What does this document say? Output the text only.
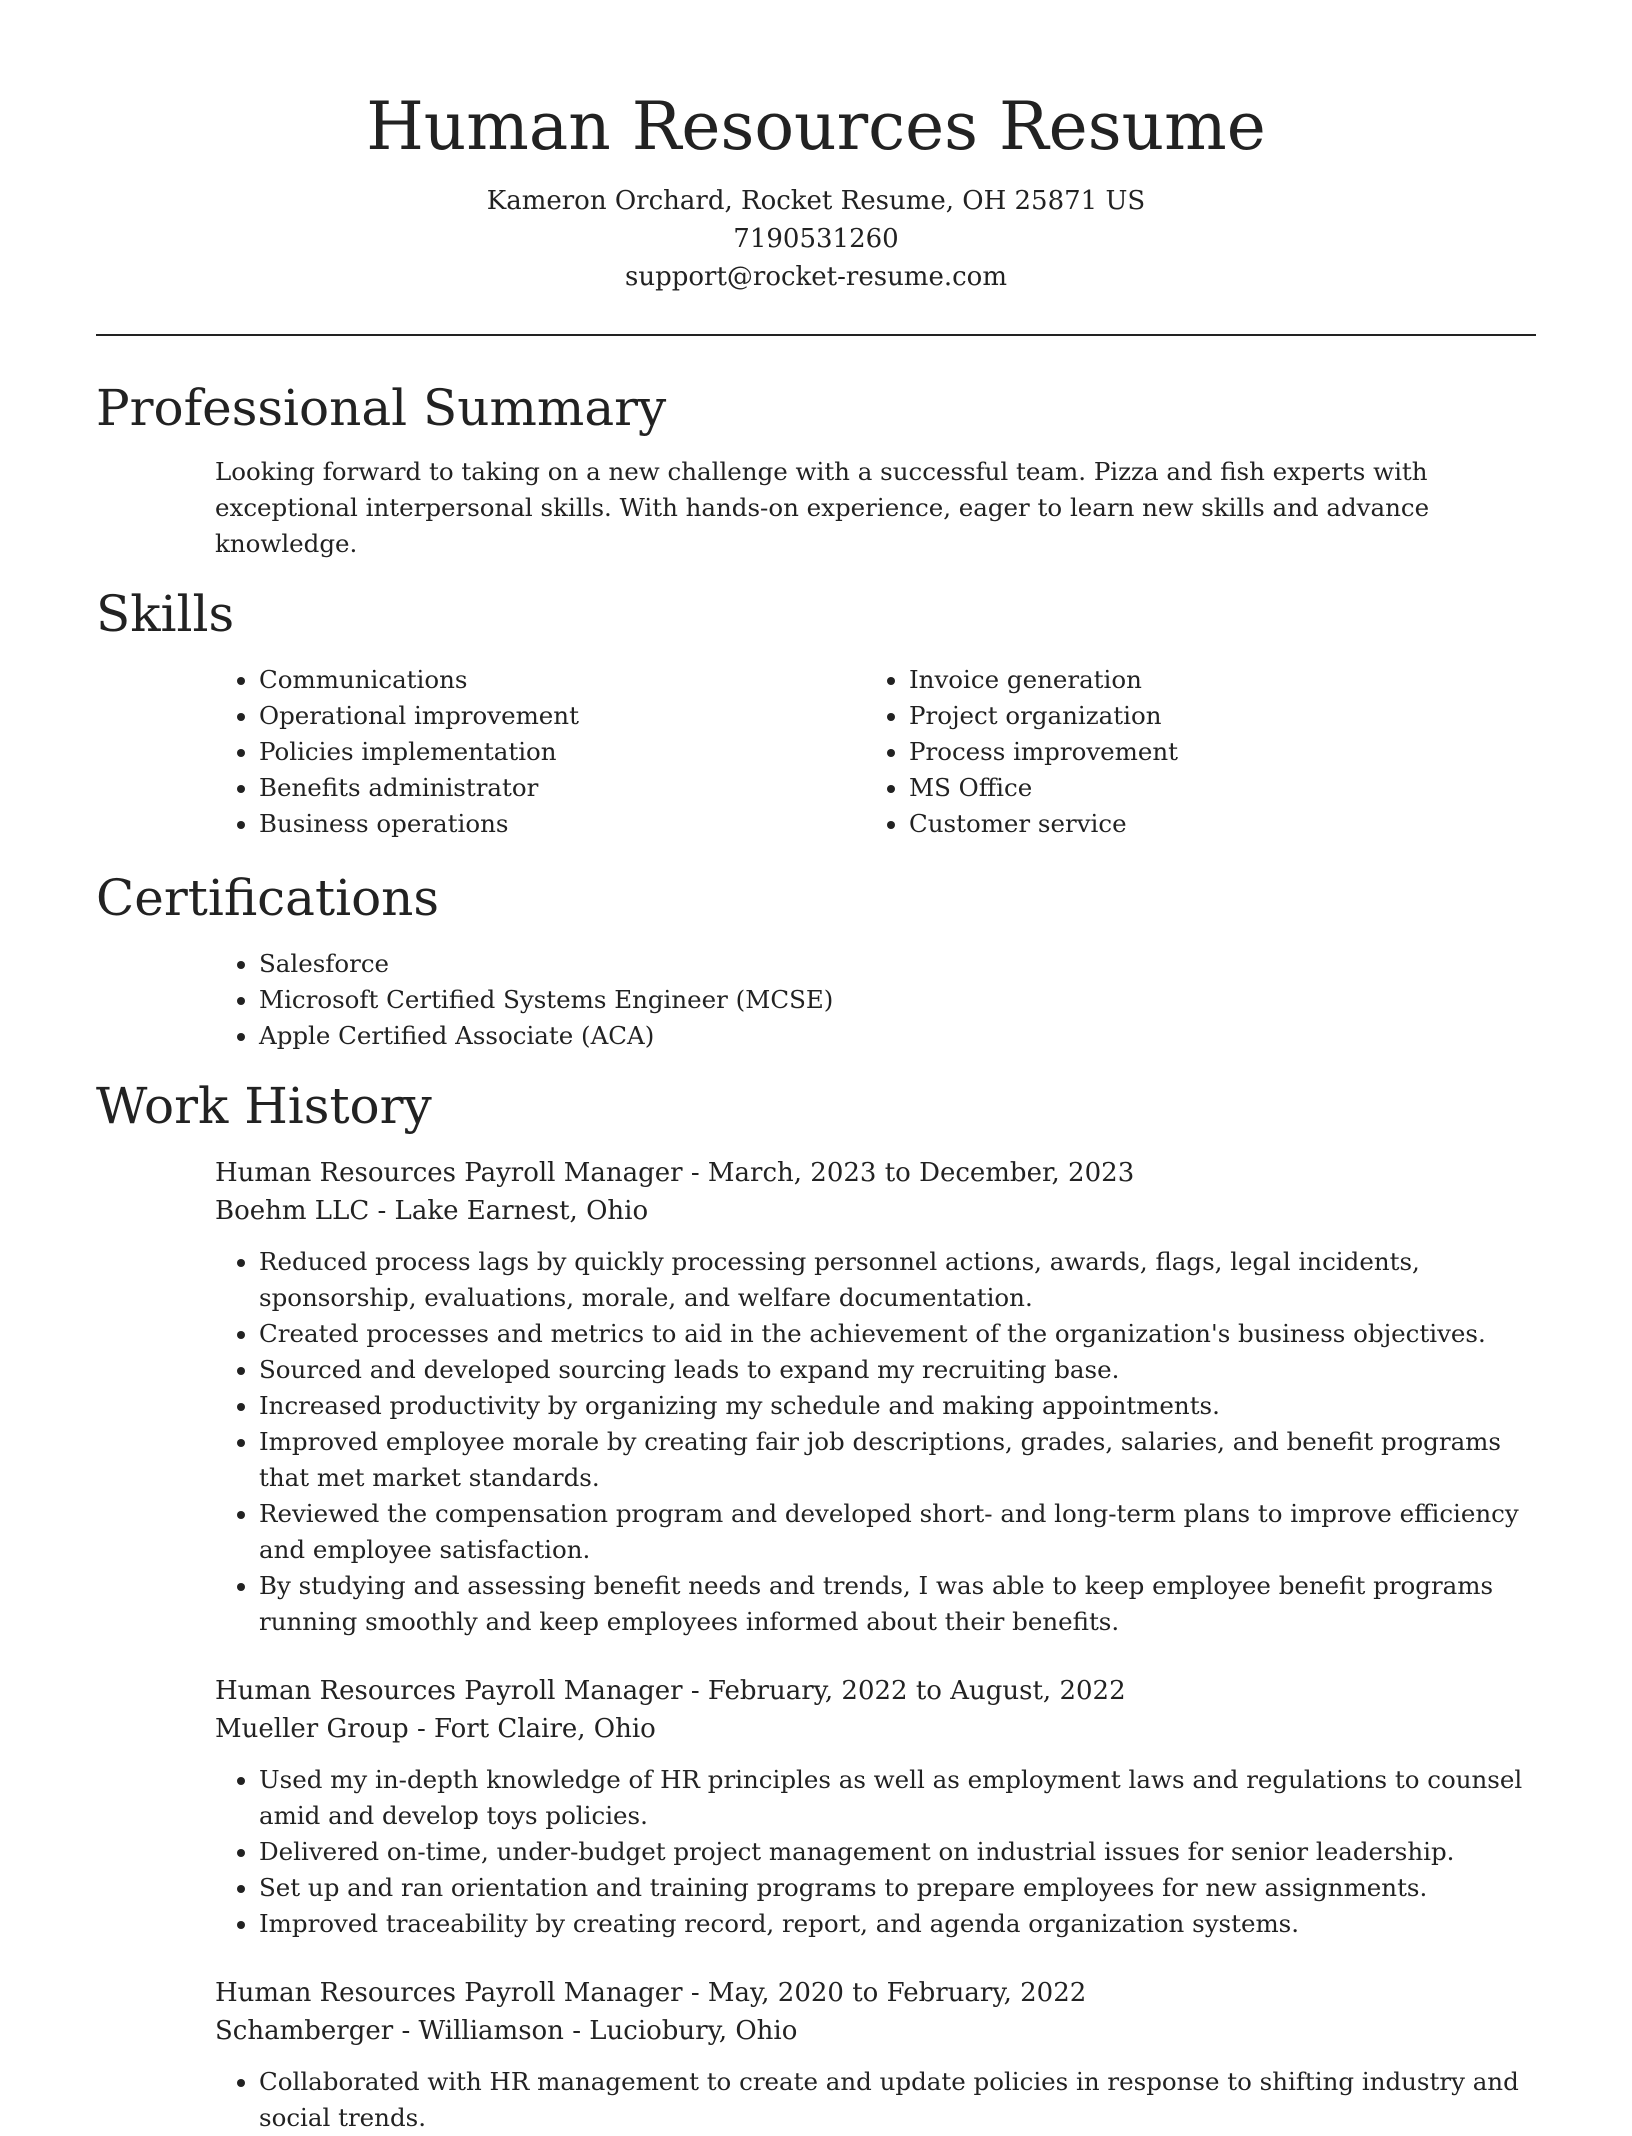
Human Resources Resume
Kameron Orchard, Rocket Resume, OH 25871 US
7190531260
support@rocket-resume.com
Professional Summary

Looking forward to taking on a new challenge with a successful team. Pizza and fish experts with exceptional interpersonal skills. With hands-on experience, eager to learn new skills and advance knowledge.

Skills
• Communications
• Operational improvement
• Policies implementation
• Benefits administrator
• Business operations
• Invoice generation
• Project organization
• Process improvement
• MS Office
• Customer service
Certifications
• Salesforce
• Microsoft Certified Systems Engineer (MCSE)
• Apple Certified Associate (ACA)
Work History
Human Resources Payroll Manager - March, 2023 to December, 2023
Boehm LLC - Lake Earnest, Ohio
• Reduced process lags by quickly processing personnel actions, awards, flags, legal incidents, sponsorship, evaluations, morale, and welfare documentation.
• Created processes and metrics to aid in the achievement of the organization's business objectives.
• Sourced and developed sourcing leads to expand my recruiting base.
• Increased productivity by organizing my schedule and making appointments.
• Improved employee morale by creating fair job descriptions, grades, salaries, and benefit programs that met market standards.
• Reviewed the compensation program and developed short- and long-term plans to improve efficiency and employee satisfaction.
• By studying and assessing benefit needs and trends, I was able to keep employee benefit programs running smoothly and keep employees informed about their benefits.
Human Resources Payroll Manager - February, 2022 to August, 2022
Mueller Group - Fort Claire, Ohio
• Used my in-depth knowledge of HR principles as well as employment laws and regulations to counsel amid and develop toys policies.
• Delivered on-time, under-budget project management on industrial issues for senior leadership.
• Set up and ran orientation and training programs to prepare employees for new assignments.
• Improved traceability by creating record, report, and agenda organization systems.
Human Resources Payroll Manager - May, 2020 to February, 2022
Schamberger - Williamson - Luciobury, Ohio
• Collaborated with HR management to create and update policies in response to shifting industry and social trends.
